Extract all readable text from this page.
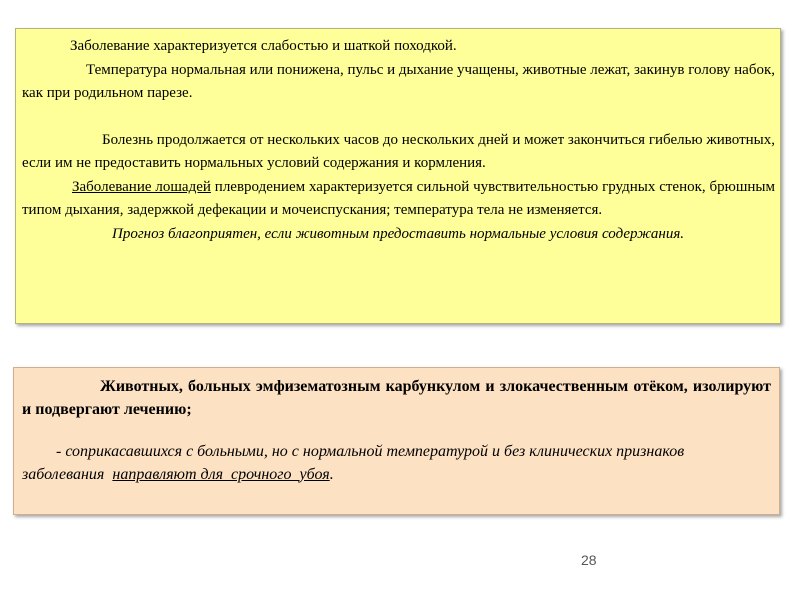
Заболевание характеризуется слабостью и шаткой походкой.

Температура нормальная или понижена, пульс и дыхание учащены, животные лежат, закинув голову набок, как при родильном парезе.

Болезнь продолжается от нескольких часов до нескольких дней и может закончиться гибелью животных, если им не предоставить нормальных условий содержания и кормления.

Заболевание лошадей плевродением характеризуется сильной чувствительностью грудных стенок, брюшным типом дыхания, задержкой дефекации и мочеиспускания; температура тела не изменяется.

Прогноз благоприятен, если животным предоставить нормальные условия содержания.

Животных, больных эмфизематозным карбункулом и злокачественным отёком, изолируют и подвергают лечению;

- соприкасавшихся с больными, но с нормальной температурой и без клинических признаков  заболевания  направляют для  срочного  убоя.

28
